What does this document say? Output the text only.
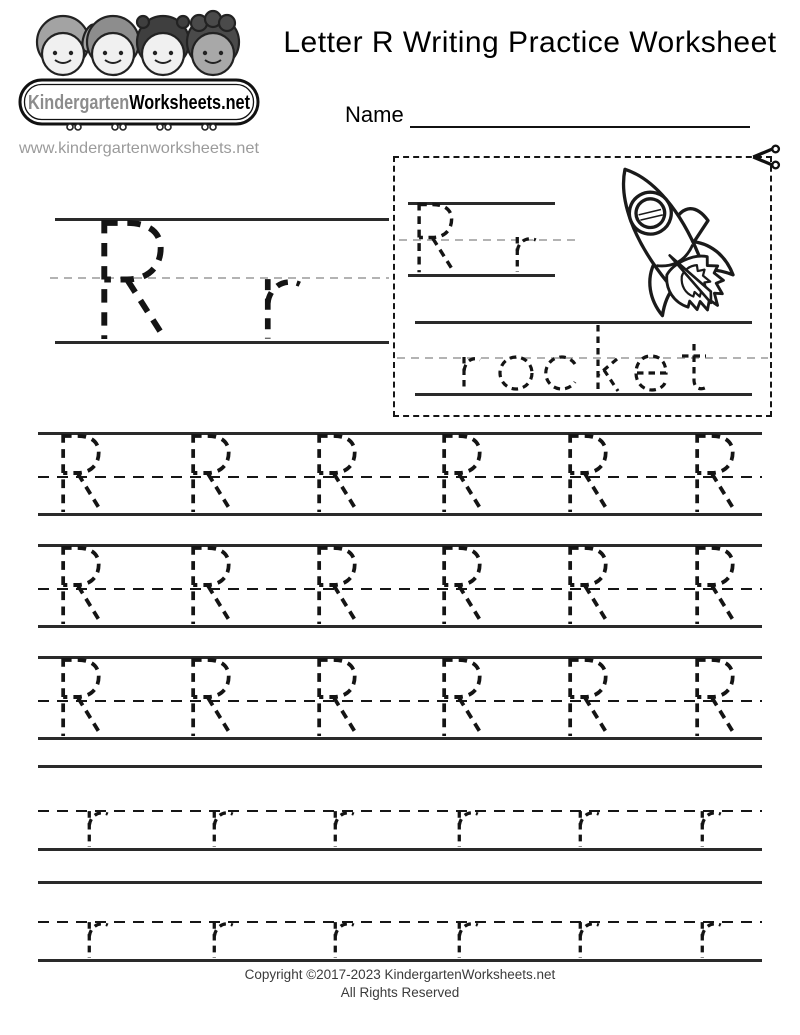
KindergartenWorksheets.net
www.kindergartenworksheets.net
Letter R Writing Practice Worksheet
Name
Copyright ©2017-2023 KindergartenWorksheets.net
All Rights Reserved
